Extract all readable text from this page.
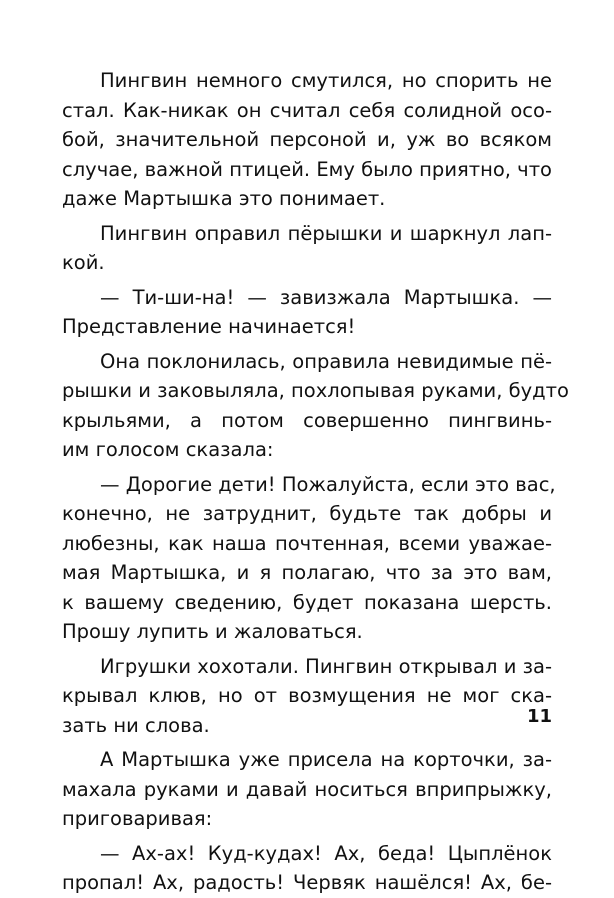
Пингвин немного смутился, но спорить не
стал. Как-никак он считал себя солидной осо-
бой, значительной персоной и, уж во всяком
случае, важной птицей. Ему было приятно, что
даже Мартышка это понимает.
Пингвин оправил пёрышки и шаркнул лап-
кой.
— Ти-ши-на! — завизжала Мартышка. —
Представление начинается!
Она поклонилась, оправила невидимые пё-
рышки и заковыляла, похлопывая руками, будто
крыльями, а потом совершенно пингвинь-
им голосом сказала:
— Дорогие дети! Пожалуйста, если это вас,
конечно, не затруднит, будьте так добры и
любезны, как наша почтенная, всеми уважае-
мая Мартышка, и я полагаю, что за это вам,
к вашему сведению, будет показана шерсть.
Прошу лупить и жаловаться.
Игрушки хохотали. Пингвин открывал и за-
крывал клюв, но от возмущения не мог ска-
зать ни слова.
А Мартышка уже присела на корточки, за-
махала руками и давай носиться вприпрыжку,
приговаривая:
— Ах-ах! Куд-кудах! Ах, беда! Цыплёнок
пропал! Ах, радость! Червяк нашёлся! Ах, бе-
11
